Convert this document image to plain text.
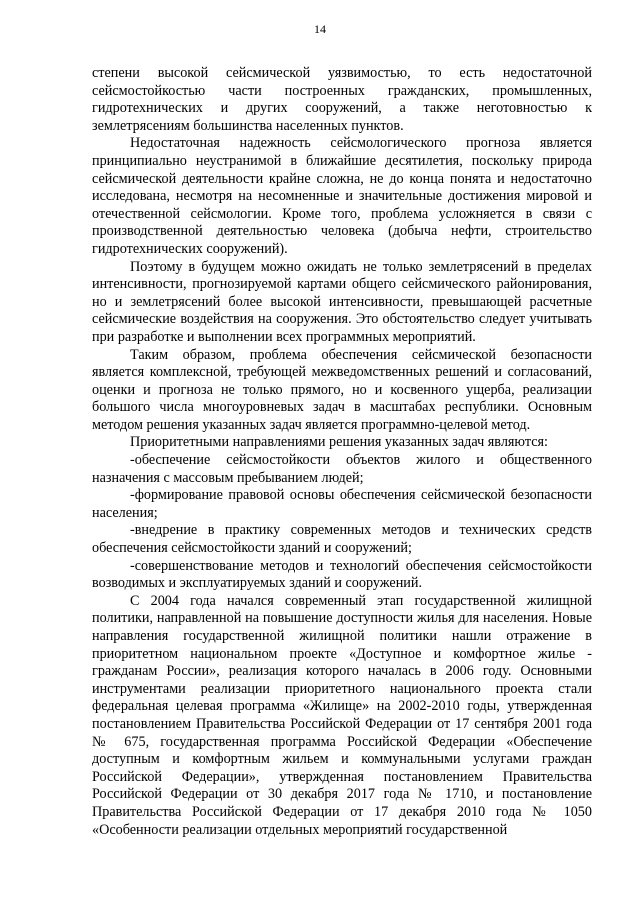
14

степени высокой сейсмической уязвимостью, то есть недостаточной сейсмостойкостью части построенных гражданских, промышленных, гидротехнических и других сооружений, а также неготовностью к землетрясениям большинства населенных пунктов.

Недостаточная надежность сейсмологического прогноза является принципиально неустранимой в ближайшие десятилетия, поскольку природа сейсмической деятельности крайне сложна, не до конца понята и недостаточно исследована, несмотря на несомненные и значительные достижения мировой и отечественной сейсмологии. Кроме того, проблема усложняется в связи с производственной деятельностью человека (добыча нефти, строительство гидротехнических сооружений).

Поэтому в будущем можно ожидать не только землетрясений в пределах интенсивности, прогнозируемой картами общего сейсмического районирования, но и землетрясений более высокой интенсивности, превышающей расчетные сейсмические воздействия на сооружения. Это обстоятельство следует учитывать при разработке и выполнении всех программных мероприятий.

Таким образом, проблема обеспечения сейсмической безопасности является комплексной, требующей межведомственных решений и согласований, оценки и прогноза не только прямого, но и косвенного ущерба, реализации большого числа многоуровневых задач в масштабах республики. Основным методом решения указанных задач является программно-целевой метод.

Приоритетными направлениями решения указанных задач являются:

-обеспечение сейсмостойкости объектов жилого и общественного назначения с массовым пребыванием людей;

-формирование правовой основы обеспечения сейсмической безопасности населения;

-внедрение в практику современных методов и технических средств обеспечения сейсмостойкости зданий и сооружений;

-совершенствование методов и технологий обеспечения сейсмостойкости возводимых и эксплуатируемых зданий и сооружений.

С 2004 года начался современный этап государственной жилищной политики, направленной на повышение доступности жилья для населения. Новые направления государственной жилищной политики нашли отражение в приоритетном национальном проекте «Доступное и комфортное жилье - гражданам России», реализация которого началась в 2006 году. Основными инструментами реализации приоритетного национального проекта стали федеральная целевая программа «Жилище» на 2002-2010 годы, утвержденная постановлением Правительства Российской Федерации от 17 сентября 2001 года № 675, государственная программа Российской Федерации «Обеспечение доступным и комфортным жильем и коммунальными услугами граждан Российской Федерации», утвержденная постановлением Правительства Российской Федерации от 30 декабря 2017 года № 1710, и постановление Правительства Российской Федерации от 17 декабря 2010 года № 1050 «Особенности реализации отдельных мероприятий государственной
